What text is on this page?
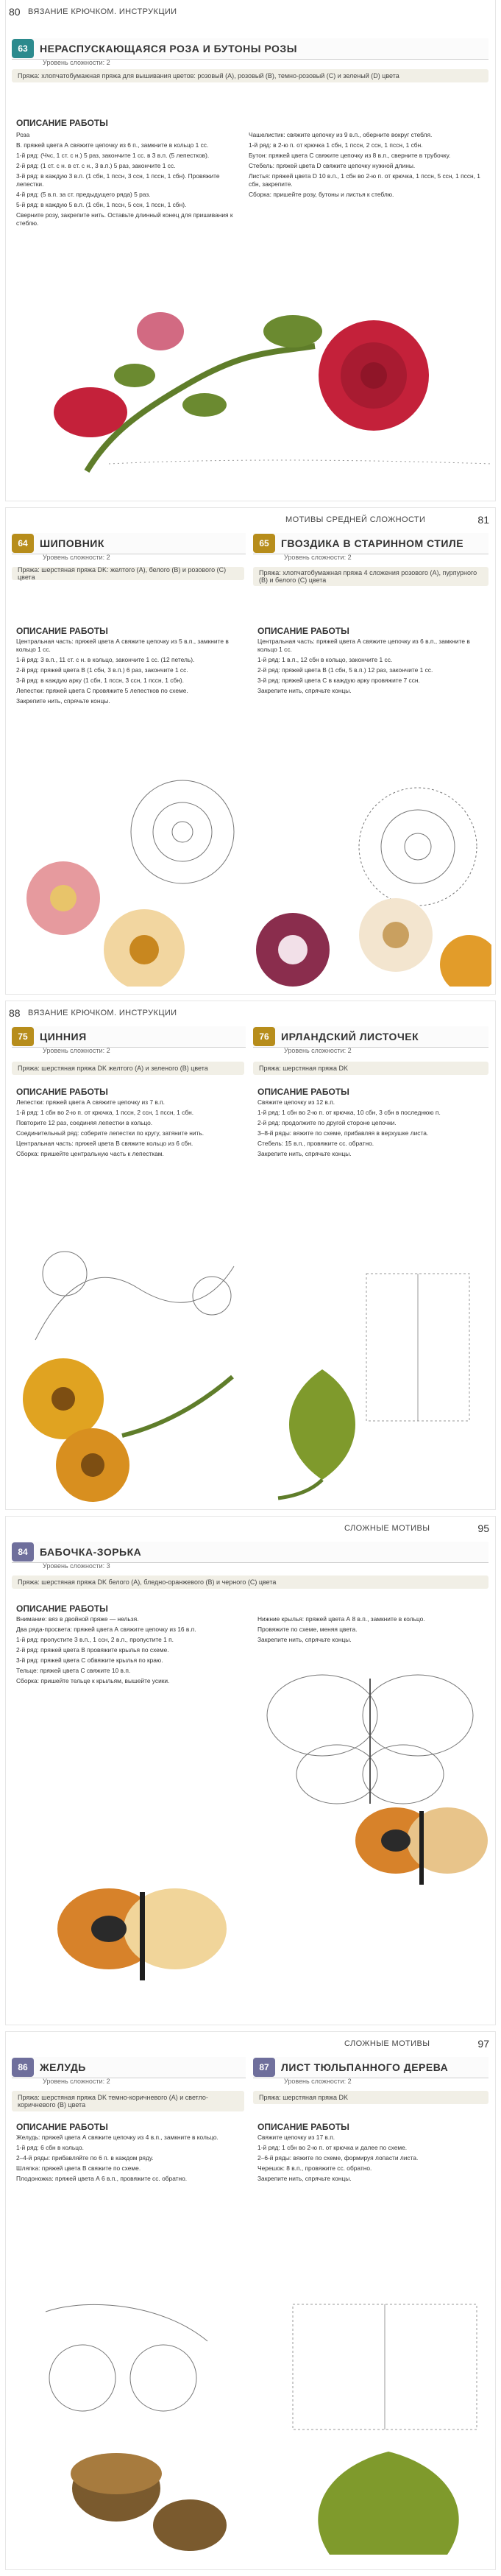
80 ВЯЗАНИЕ КРЮЧКОМ. ИНСТРУКЦИИ
63	НЕРАСПУСКАЮЩАЯСЯ РОЗА И БУТОНЫ РОЗЫ
Уровень сложности: 2
Пряжа: хлопчатобумажная пряжа для вышивания цветов: розовый (А), розовый (В), темно-розовый (С) и зеленый (D) цвета
ОПИСАНИЕ РАБОТЫ

Роза

В. пряжей цвета А свяжите цепочку из 6 п., замкните в кольцо 1 сс.

1-й ряд: (Ччс, 1 ст. с н.) 5 раз, закончите 1 сс. в 3 в.п. (5 лепестков).

2-й ряд: (1 ст. с н. в ст. с н., 3 в.п.) 5 раз, закончите 1 сс.

3-й ряд: в каждую 3 в.п. (1 сбн, 1 пссн, 3 ссн, 1 пссн, 1 сбн). Провяжите лепестки.

4-й ряд: (5 в.п. за ст. предыдущего ряда) 5 раз.

5-й ряд: в каждую 5 в.п. (1 сбн, 1 пссн, 5 ссн, 1 пссн, 1 сбн).

Сверните розу, закрепите нить. Оставьте длинный конец для пришивания к стеблю.

Чашелистик: свяжите цепочку из 9 в.п., оберните вокруг стебля.

1-й ряд: в 2-ю п. от крючка 1 сбн, 1 пссн, 2 ссн, 1 пссн, 1 сбн.

Бутон: пряжей цвета С свяжите цепочку из 8 в.п., сверните в трубочку.

Стебель: пряжей цвета D свяжите цепочку нужной длины.

Листья: пряжей цвета D 10 в.п., 1 сбн во 2-ю п. от крючка, 1 пссн, 5 ссн, 1 пссн, 1 сбн, закрепите.

Сборка: пришейте розу, бутоны и листья к стеблю.

МОТИВЫ СРЕДНЕЙ СЛОЖНОСТИ	81
64	ШИПОВНИК
Уровень сложности: 2
65	ГВОЗДИКА В СТАРИННОМ СТИЛЕ
Уровень сложности: 2
Пряжа: шерстяная пряжа DK: желтого (А), белого (В) и розового (С) цвета
Пряжа: хлопчатобумажная пряжа 4 сложения розового (А), пурпурного (В) и белого (С) цвета
ОПИСАНИЕ РАБОТЫ	ОПИСАНИЕ РАБОТЫ

Центральная часть: пряжей цвета А свяжите цепочку из 5 в.п., замкните в кольцо 1 сс.

1-й ряд: 3 в.п., 11 ст. с н. в кольцо, закончите 1 сс. (12 петель).

2-й ряд: пряжей цвета В (1 сбн, 3 в.п.) 6 раз, закончите 1 сс.

3-й ряд: в каждую арку (1 сбн, 1 пссн, 3 ссн, 1 пссн, 1 сбн).

Лепестки: пряжей цвета С провяжите 5 лепестков по схеме.

Закрепите нить, спрячьте концы.

Центральная часть: пряжей цвета А свяжите цепочку из 6 в.п., замкните в кольцо 1 сс.

1-й ряд: 1 в.п., 12 сбн в кольцо, закончите 1 сс.

2-й ряд: пряжей цвета В (1 сбн, 5 в.п.) 12 раз, закончите 1 сс.

3-й ряд: пряжей цвета С в каждую арку провяжите 7 ссн.

Закрепите нить, спрячьте концы.

88 ВЯЗАНИЕ КРЮЧКОМ. ИНСТРУКЦИИ
75	ЦИННИЯ
Уровень сложности: 2
76	ИРЛАНДСКИЙ ЛИСТОЧЕК
Уровень сложности: 2
Пряжа: шерстяная пряжа DK желтого (А) и зеленого (В) цвета	Пряжа: шерстяная пряжа DK
ОПИСАНИЕ РАБОТЫ	ОПИСАНИЕ РАБОТЫ

Лепестки: пряжей цвета А свяжите цепочку из 7 в.п.

1-й ряд: 1 сбн во 2-ю п. от крючка, 1 пссн, 2 ссн, 1 пссн, 1 сбн.

Повторите 12 раз, соединяя лепестки в кольцо.

Соединительный ряд: соберите лепестки по кругу, затяните нить.

Центральная часть: пряжей цвета В свяжите кольцо из 6 сбн.

Сборка: пришейте центральную часть к лепесткам.

Свяжите цепочку из 12 в.п.

1-й ряд: 1 сбн во 2-ю п. от крючка, 10 сбн, 3 сбн в последнюю п.

2-й ряд: продолжите по другой стороне цепочки.

3–8-й ряды: вяжите по схеме, прибавляя в верхушке листа.

Стебель: 15 в.п., провяжите сс. обратно.

Закрепите нить, спрячьте концы.

СЛОЖНЫЕ МОТИВЫ	95
84	БАБОЧКА-ЗОРЬКА
Уровень сложности: 3
Пряжа: шерстяная пряжа DK белого (А), бледно-оранжевого (В) и черного (С) цвета
ОПИСАНИЕ РАБОТЫ

Внимание: вяз в двойной пряже — нельзя.

Два ряда-просвета: пряжей цвета А свяжите цепочку из 16 в.п.

1-й ряд: пропустите 3 в.п., 1 ссн, 2 в.п., пропустите 1 п.

2-й ряд: пряжей цвета В провяжите крылья по схеме.

3-й ряд: пряжей цвета С обвяжите крылья по краю.

Тельце: пряжей цвета С свяжите 10 в.п.

Сборка: пришейте тельце к крыльям, вышейте усики.

Нижние крылья: пряжей цвета А 8 в.п., замкните в кольцо.

Провяжите по схеме, меняя цвета.

Закрепите нить, спрячьте концы.

СЛОЖНЫЕ МОТИВЫ	97
86	ЖЕЛУДЬ
Уровень сложности: 2
87	ЛИСТ ТЮЛЬПАННОГО ДЕРЕВА
Уровень сложности: 2
Пряжа: шерстяная пряжа DK темно-коричневого (А) и светло-коричневого (В) цвета
Пряжа: шерстяная пряжа DK
ОПИСАНИЕ РАБОТЫ	ОПИСАНИЕ РАБОТЫ

Желудь: пряжей цвета А свяжите цепочку из 4 в.п., замкните в кольцо.

1-й ряд: 6 сбн в кольцо.

2–4-й ряды: прибавляйте по 6 п. в каждом ряду.

Шляпка: пряжей цвета В свяжите по схеме.

Плодоножка: пряжей цвета А 6 в.п., провяжите сс. обратно.

Свяжите цепочку из 17 в.п.

1-й ряд: 1 сбн во 2-ю п. от крючка и далее по схеме.

2–6-й ряды: вяжите по схеме, формируя лопасти листа.

Черешок: 8 в.п., провяжите сс. обратно.

Закрепите нить, спрячьте концы.
